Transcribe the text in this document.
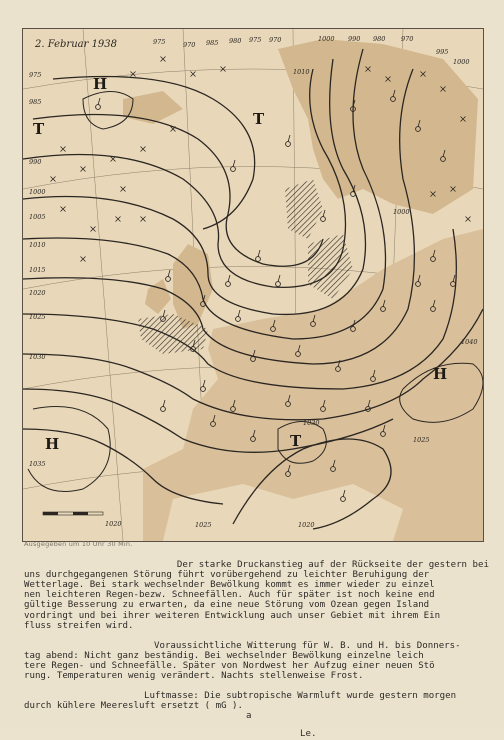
H
T
T
H
H
T
975	970 985 980 975 970	1000 990 980 970
1000
975
985
990
1000
1005
1010
1015
1020
1025
1030
1035
1025
1030
1020
1040
1020	1025
1010
1000
995
2. Februar 1938
Ausgegeben um 10 Uhr 30 Min.

Der starke Druckanstieg auf der Rückseite der gestern bei
uns durchgegangenen Störung führt vorübergehend zu leichter Beruhigung der
Wetterlage. Bei stark wechselnder Bewölkung kommt es immer wieder zu einzel
nen leichteren Regen-bezw. Schneefällen. Auch für später ist noch keine end
gültige Besserung zu erwarten, da eine neue Störung vom Ozean gegen Island
vordringt und bei ihrer weiteren Entwicklung auch unser Gebiet mit ihrem Ein
fluss streifen wird.

Voraussichtliche Witterung für W. B. und H. bis Donners-
tag abend: Nicht ganz beständig. Bei wechselnder Bewölkung einzelne leich
tere Regen- und Schneefälle. Später von Nordwest her Aufzug einer neuen Stö
rung. Temperaturen wenig verändert. Nachts stellenweise Frost.

Luftmasse: Die subtropische Warmluft wurde gestern morgen
durch kühlere Meeresluft ersetzt ( mG ).
a

Le.
